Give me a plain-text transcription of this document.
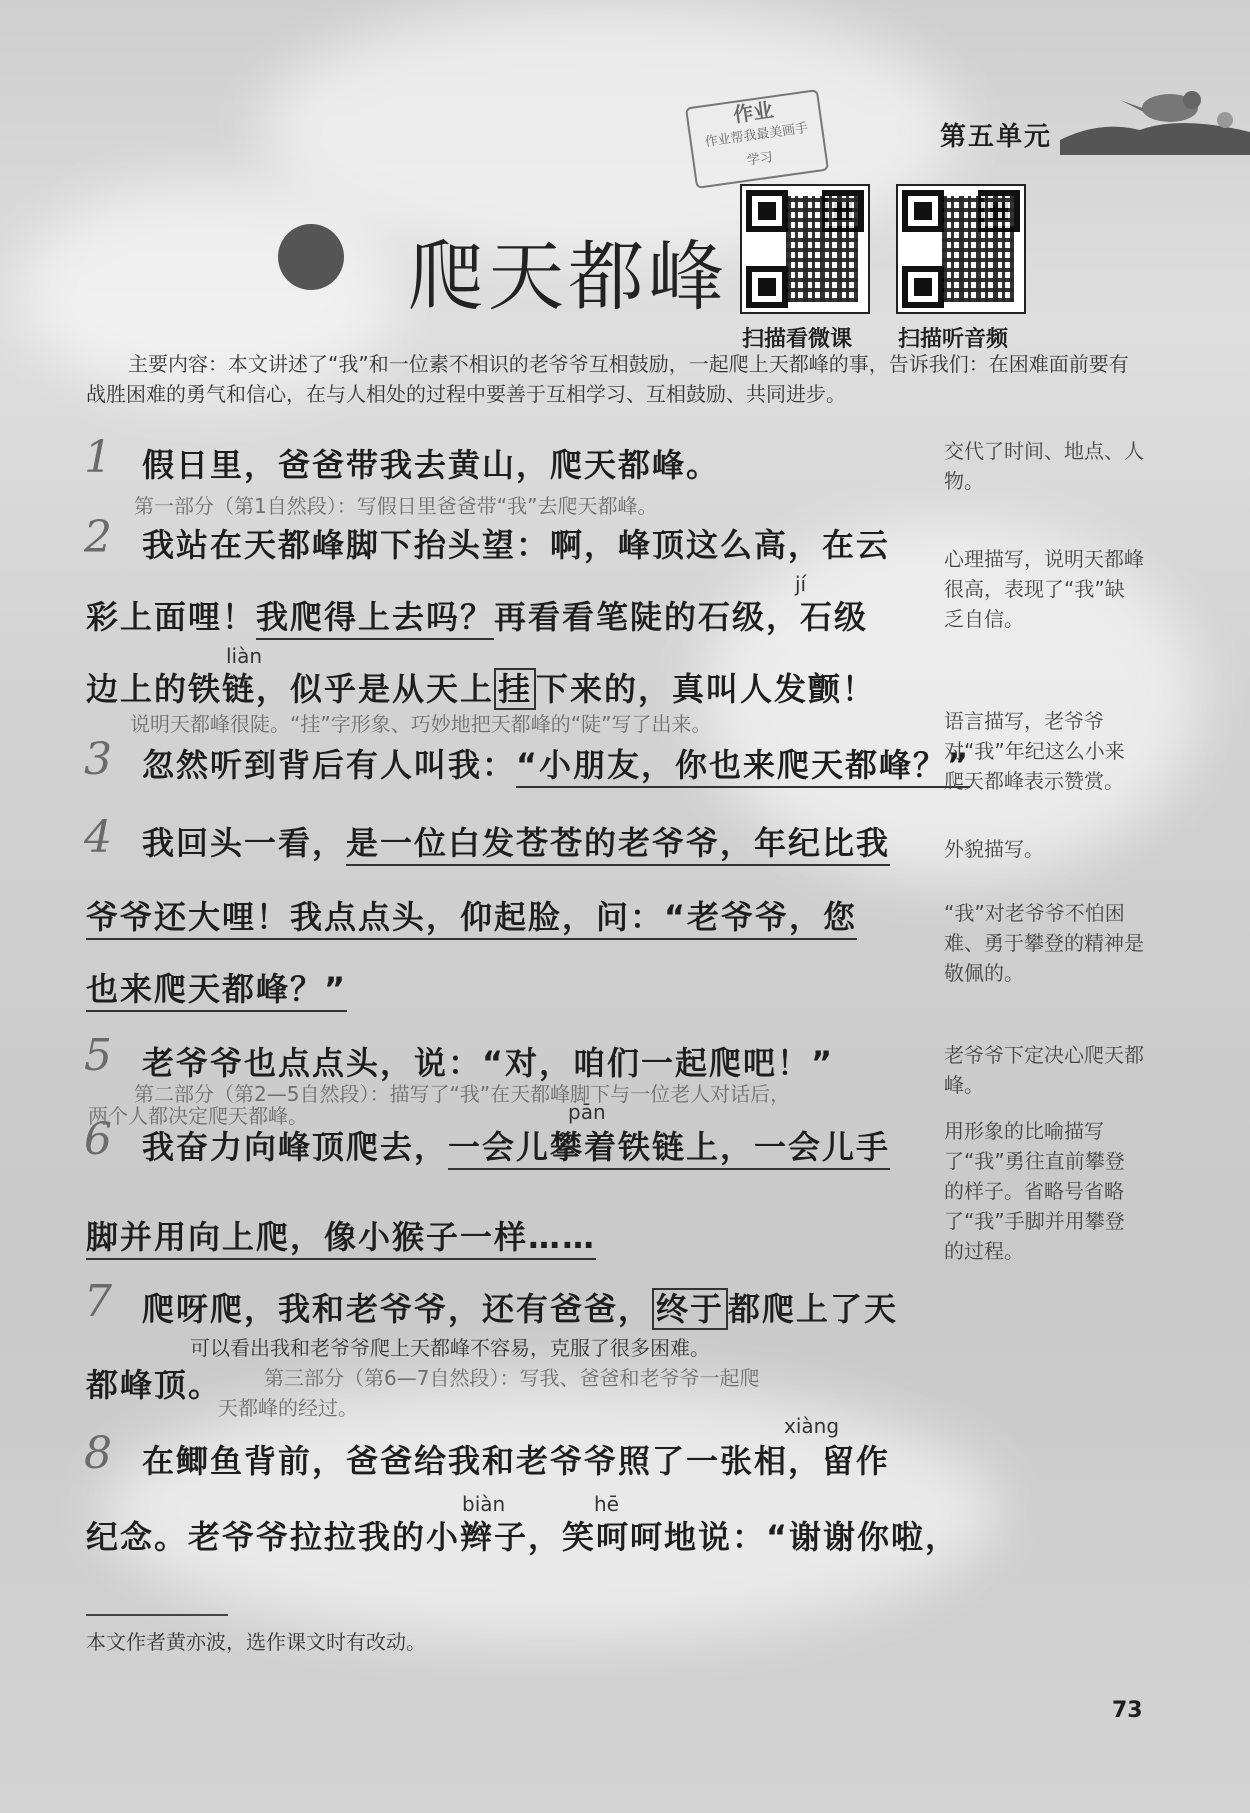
第五单元
作业
作业帮我最美画手
学习
爬天都峰
扫描看微课 扫描听音频
主要内容：本文讲述了“我”和一位素不相识的老爷爷互相鼓励，一起爬上天都峰的事，告诉我们：在困难面前要有战胜困难的勇气和信心，在与人相处的过程中要善于互相学习、互相鼓励、共同进步。
1 假日里，爸爸带我去黄山，爬天都峰。
第一部分（第1自然段）：写假日里爸爸带“我”去爬天都峰。
2 我站在天都峰脚下抬头望：啊，峰顶这么高，在云
彩上面哩！我爬得上去吗？再看看笔陡的石级，石级
jí
liàn
边上的铁链，似乎是从天上 挂 下来的，真叫人发颤！
说明天都峰很陡。“挂”字形象、巧妙地把天都峰的“陡”写了出来。
3 忽然听到背后有人叫我：“小朋友，你也来爬天都峰？”
4 我回头一看，是一位白发苍苍的老爷爷，年纪比我
爷爷还大哩！我点点头，仰起脸，问：“老爷爷，您
也来爬天都峰？”
5 老爷爷也点点头，说：“对，咱们一起爬吧！”
第二部分（第2—5自然段）：描写了“我”在天都峰脚下与一位老人对话后，
两个人都决定爬天都峰。	pān
6 我奋力向峰顶爬去，一会儿攀着铁链上，一会儿手
脚并用向上爬，像小猴子一样……
7 爬呀爬，我和老爷爷，还有爸爸， 终于 都爬上了天
可以看出我和老爷爷爬上天都峰不容易，克服了很多困难。
都峰顶。 第三部分（第6—7自然段）：写我、爸爸和老爷爷一起爬
天都峰的经过。
xiàng
8 在鲫鱼背前，爸爸给我和老爷爷照了一张相，留作
biàn	hē
纪念。老爷爷拉拉我的小辫子，笑呵呵地说：“谢谢你啦，
交代了时间、地点、人物。
心理描写，说明天都峰很高，表现了“我”缺乏自信。
语言描写，老爷爷对“我”年纪这么小来爬天都峰表示赞赏。
外貌描写。
“我”对老爷爷不怕困难、勇于攀登的精神是敬佩的。
老爷爷下定决心爬天都峰。
用形象的比喻描写了“我”勇往直前攀登的样子。省略号省略了“我”手脚并用攀登的过程。
本文作者黄亦波，选作课文时有改动。
73
